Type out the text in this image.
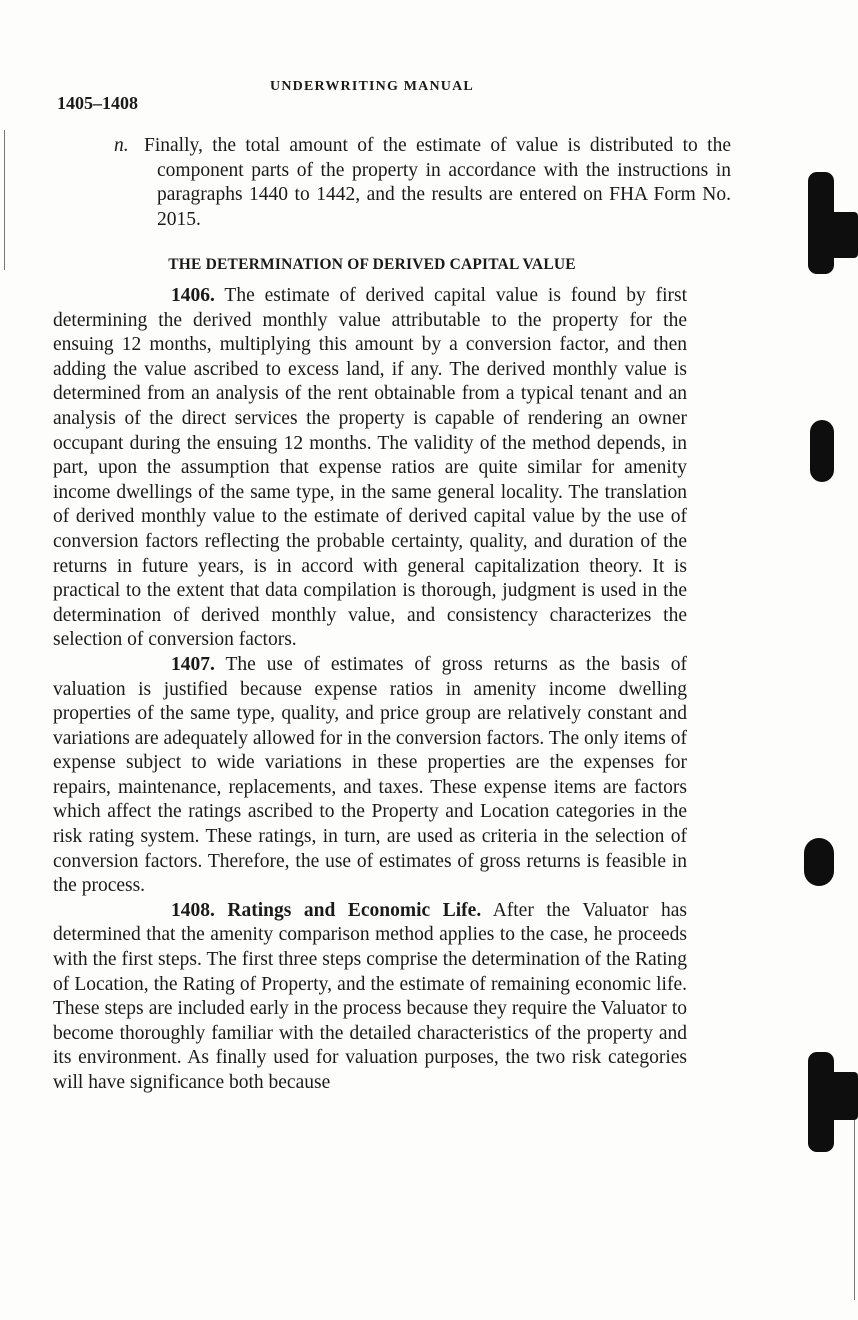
UNDERWRITING MANUAL
1405–1408
n. Finally, the total amount of the estimate of value is distributed to the component parts of the property in accordance with the instructions in paragraphs 1440 to 1442, and the results are entered on FHA Form No. 2015.
THE DETERMINATION OF DERIVED CAPITAL VALUE

1406. The estimate of derived capital value is found by first determining the derived monthly value attributable to the property for the ensuing 12 months, multiplying this amount by a conversion factor, and then adding the value ascribed to excess land, if any. The derived monthly value is determined from an analysis of the rent obtainable from a typical tenant and an analysis of the direct services the property is capable of rendering an owner occupant during the ensuing 12 months. The validity of the method depends, in part, upon the assumption that expense ratios are quite similar for amenity income dwellings of the same type, in the same general locality. The translation of derived monthly value to the estimate of derived capital value by the use of conversion factors reflecting the probable certainty, quality, and duration of the returns in future years, is in accord with general capitalization theory. It is practical to the extent that data compilation is thorough, judgment is used in the determination of derived monthly value, and consistency characterizes the selection of conversion factors.

1407. The use of estimates of gross returns as the basis of valuation is justified because expense ratios in amenity income dwelling properties of the same type, quality, and price group are relatively constant and variations are adequately allowed for in the conversion factors. The only items of expense subject to wide variations in these properties are the expenses for repairs, maintenance, replacements, and taxes. These expense items are factors which affect the ratings ascribed to the Property and Location categories in the risk rating system. These ratings, in turn, are used as criteria in the selection of conversion factors. Therefore, the use of estimates of gross returns is feasible in the process.

1408. Ratings and Economic Life. After the Valuator has determined that the amenity comparison method applies to the case, he proceeds with the first steps. The first three steps comprise the determination of the Rating of Location, the Rating of Property, and the estimate of remaining economic life. These steps are included early in the process because they require the Valuator to become thoroughly familiar with the detailed characteristics of the property and its environment. As finally used for valuation purposes, the two risk categories will have significance both because
